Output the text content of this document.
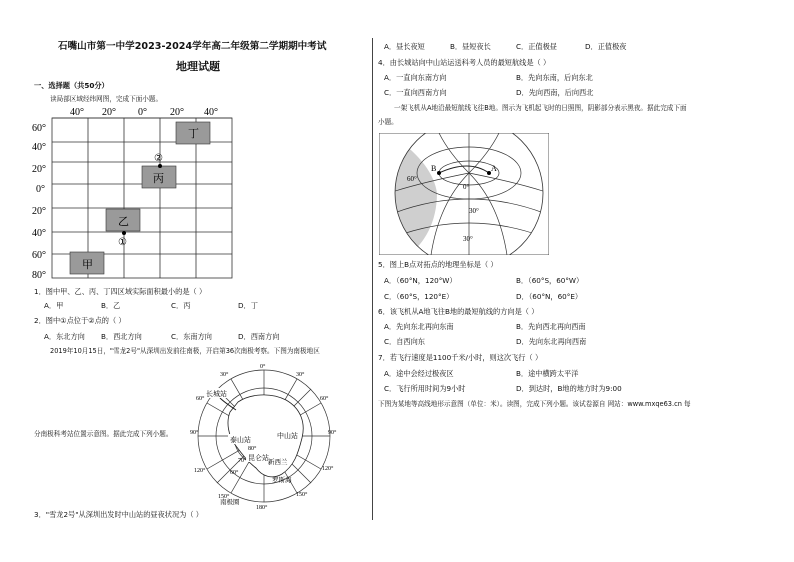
石嘴山市第一中学2023-2024学年高二年级第二学期期中考试
地理试题
一、选择题（共50分）
读局部区域经纬网图，完成下面小题。
丁
丙
乙
甲
②
①
40° 20° 0° 20° 40°
60°
40°
20°
0°
20°
40°
60°
80°
1．图中甲、乙、丙、丁四区域实际面积最小的是（ ）
A．甲	B．乙	C．丙	D．丁
2．图中①点位于②点的（ ）
A．东北方向 B．西北方向	C．东南方向	D．西南方向
2019年10月15日，"雪龙2号"从深圳出发前往南极，开启第36次南极考察。下图为南极地区
分南极科考站位置示意图。据此完成下列小题。
长城站
中山站
昆仑站
泰山站
罗斯海
新西兰
南极圈
0°
30°
60°
90°
120°
150°
180°
150°
120°
90°
60°
30°
60°
70°
80°
3．"雪龙2号"从深圳出发时中山站的昼夜状况为（ ）
A．昼长夜短	B．昼短夜长	C．正值极昼	D．正值极夜
4．由长城站向中山站运送科考人员的最短航线是（ ）
A．一直向东南方向	B．先向东南，后向东北
C．一直向西南方向	D．先向西南，后向西北
一架飞机从A地沿最短航线飞往B地。图示为飞机起飞时的日照图，阴影部分表示黑夜。据此完成下面
小题。
B	A
60°
30°
30°
0°
5．图上B点对拓点的地理坐标是（ ）
A．（60°N，120°W）	B．（60°S，60°W）
C．（60°S，120°E）	D．（60°N，60°E）
6．该飞机从A地飞往B地的最短航线的方向是（ ）
A．先向东北再向东南	B．先向西北再向西南
C．自西向东	D．先向东北再向西南
7．若飞行速度是1100千米/小时，则这次飞行（ ）
A．途中会经过极夜区	B．途中横跨太平洋
C．飞行所用时间为9小时	D．到达时，B地的地方时为9:00
下图为某地等高线地形示意图（单位：米）。读图，完成下列小题。该试卷源自 网站：www.mxqe63.cn 每
